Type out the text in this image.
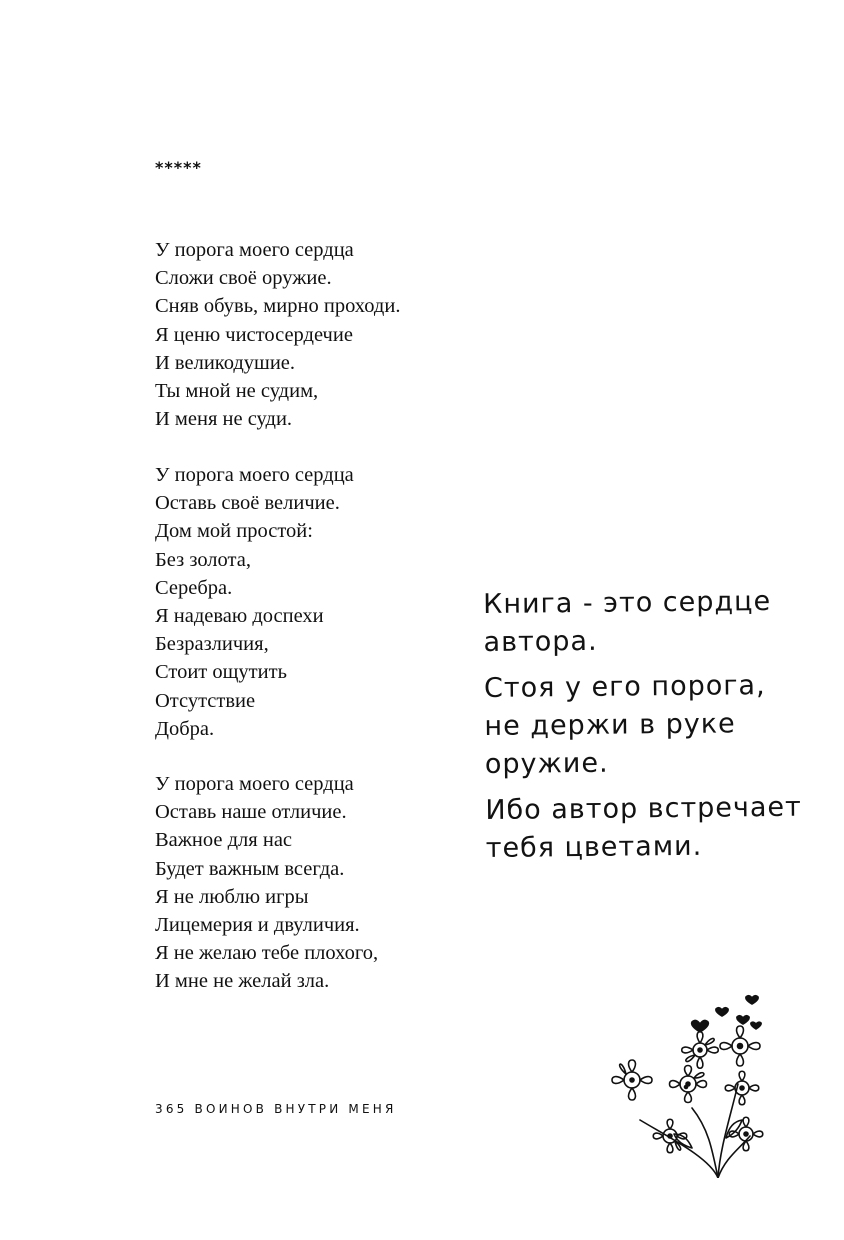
*****
У порога моего сердца
Сложи своё оружие.
Сняв обувь, мирно проходи.
Я ценю чистосердечие
И великодушие.
Ты мной не судим,
И меня не суди.
У порога моего сердца
Оставь своё величие.
Дом мой простой:
Без золота,
Серебра.
Я надеваю доспехи
Безразличия,
Стоит ощутить
Отсутствие
Добра.
У порога моего сердца
Оставь наше отличие.
Важное для нас
Будет важным всегда.
Я не люблю игры
Лицемерия и двуличия.
Я не желаю тебе плохого,
И мне не желай зла.
Книга - это сердце
автора.
Стоя у его порога,
не держи в руке
оружие.
Ибо автор встречает
тебя цветами.
365 ВОИНОВ ВНУТРИ МЕНЯ
